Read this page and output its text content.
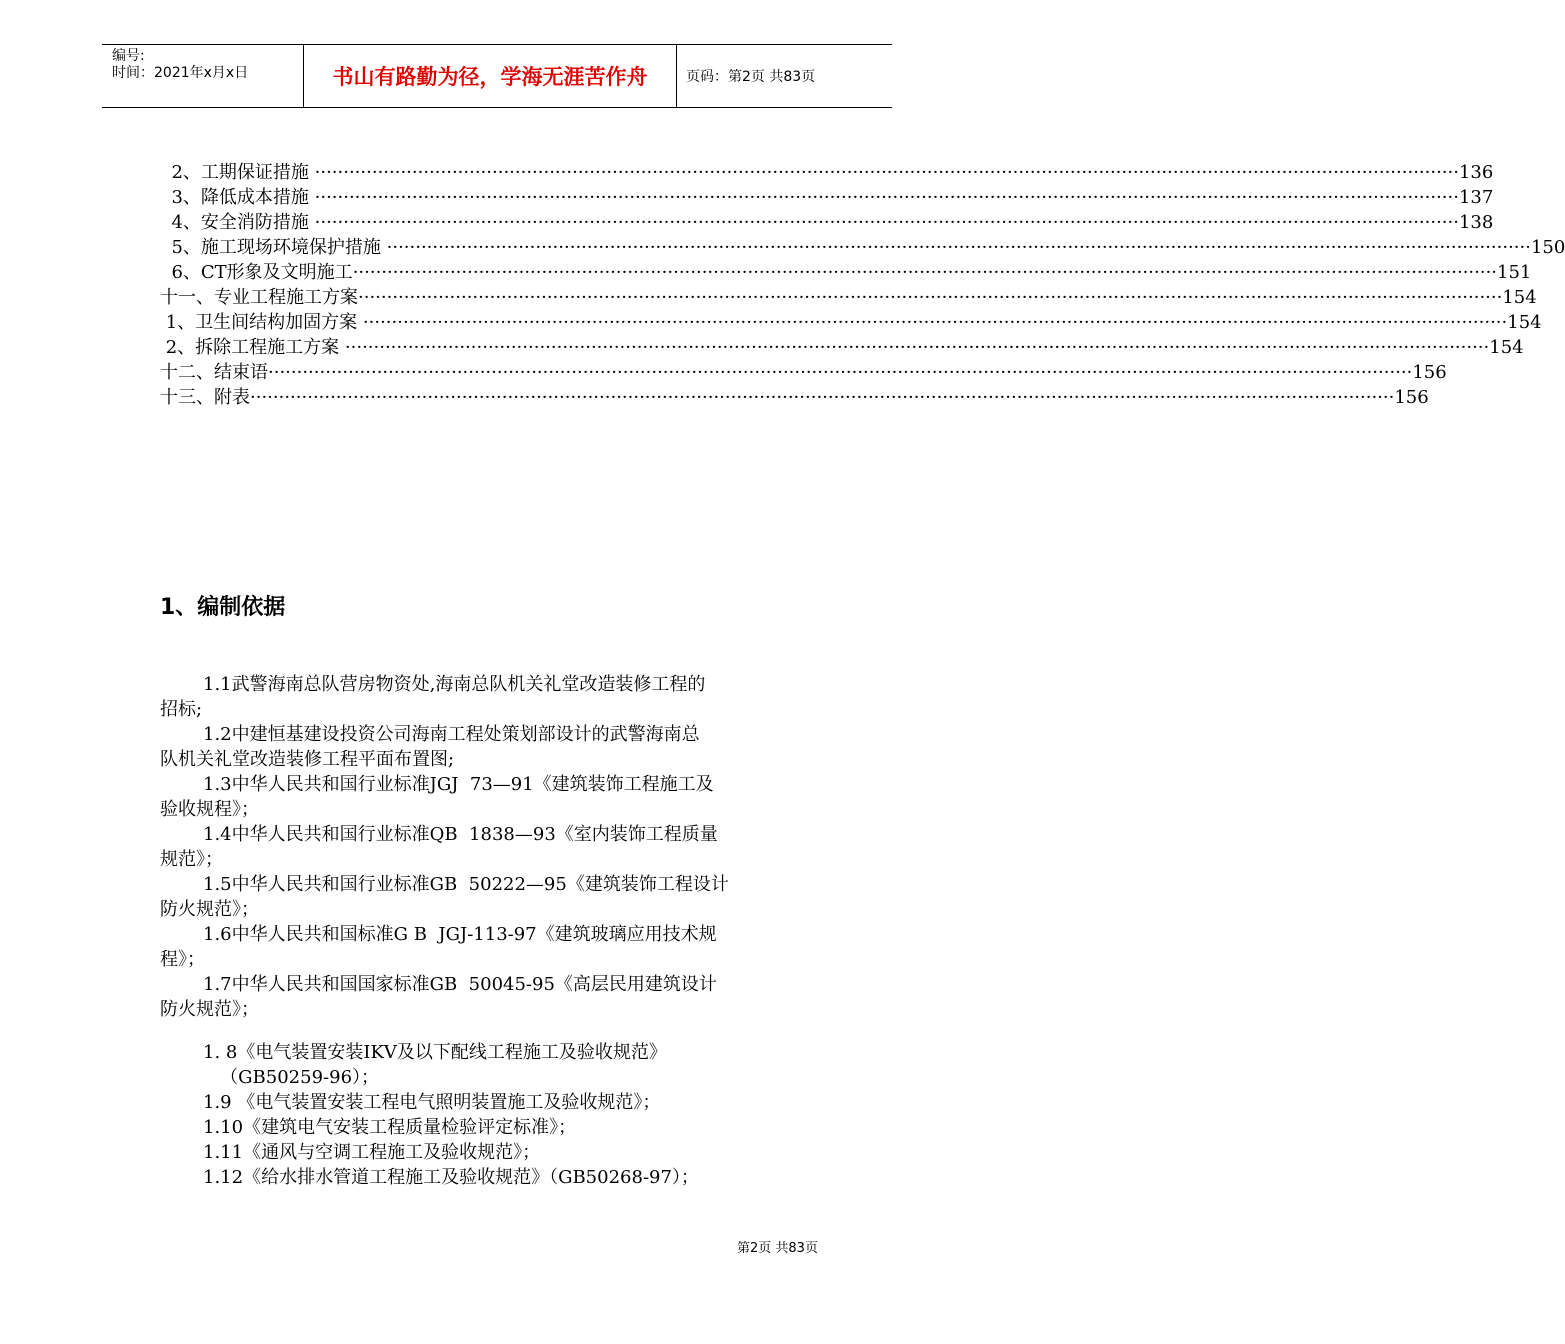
编号:
时间：2021年x月x日	书山有路勤为径，学海无涯苦作舟	页码：第2页 共83页
2、工期保证措施 ········································································································································································································ 136
3、降低成本措施 ········································································································································································································ 137
4、安全消防措施 ········································································································································································································ 138
5、施工现场环境保护措施 ········································································································································································································ 150
6、CT形象及文明施工 ········································································································································································································ 151
十一、专业工程施工方案 ········································································································································································································ 154
1、卫生间结构加固方案 ········································································································································································································ 154
2、拆除工程施工方案 ········································································································································································································ 154
十二、结束语 ········································································································································································································ 156
十三、附表 ········································································································································································································ 156
1、编制依据
1.1武警海南总队营房物资处,海南总队机关礼堂改造装修工程的
招标;
1.2中建恒基建设投资公司海南工程处策划部设计的武警海南总
队机关礼堂改造装修工程平面布置图;
1.3中华人民共和国行业标准JGJ  73—91《建筑装饰工程施工及
验收规程》；
1.4中华人民共和国行业标准QB  1838—93《室内装饰工程质量
规范》；
1.5中华人民共和国行业标准GB  50222—95《建筑装饰工程设计
防火规范》；
1.6中华人民共和国标准G B  JGJ-113-97《建筑玻璃应用技术规
程》；
1.7中华人民共和国国家标准GB  50045-95《高层民用建筑设计
防火规范》；
1. 8《电气装置安装IKV及以下配线工程施工及验收规范》
（GB50259-96）；
1.9 《电气装置安装工程电气照明装置施工及验收规范》；
1.10《建筑电气安装工程质量检验评定标准》；
1.11《通风与空调工程施工及验收规范》；
1.12《给水排水管道工程施工及验收规范》（GB50268-97）；
第2页 共83页
